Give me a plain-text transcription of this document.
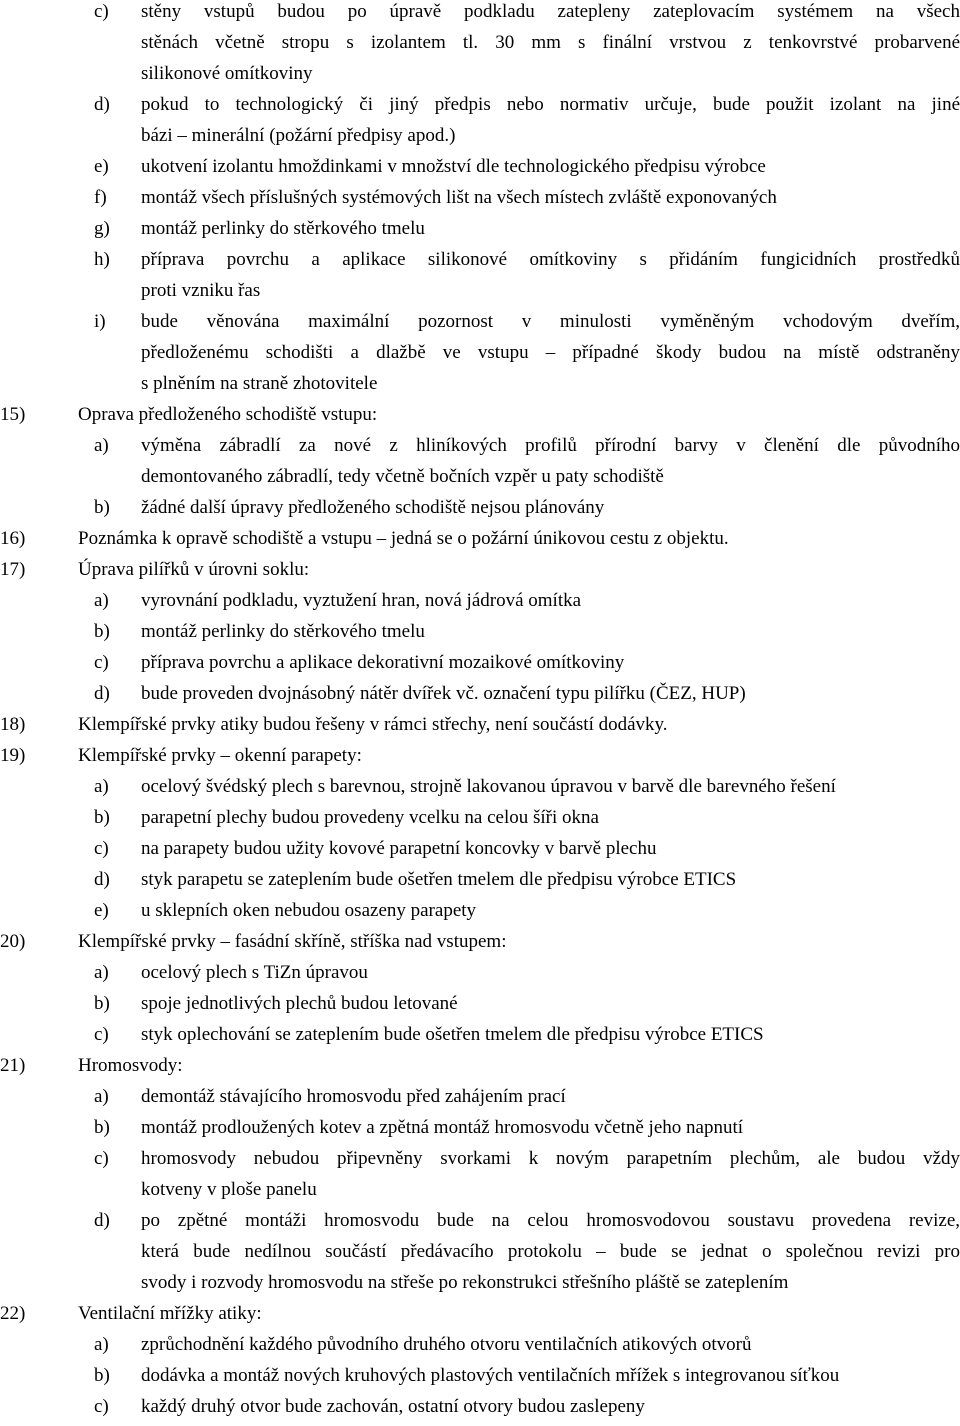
c) stěny vstupů budou po úpravě podkladu zatepleny zateplovacím systémem na všech
stěnách včetně stropu s izolantem tl. 30 mm s finální vrstvou z tenkovrstvé probarvené
silikonové omítkoviny
d) pokud to technologický či jiný předpis nebo normativ určuje, bude použit izolant na jiné
bázi – minerální (požární předpisy apod.)
e) ukotvení izolantu hmoždinkami v množství dle technologického předpisu výrobce
f) montáž všech příslušných systémových lišt na všech místech zvláště exponovaných
g) montáž perlinky do stěrkového tmelu
h) příprava povrchu a aplikace silikonové omítkoviny s přidáním fungicidních prostředků
proti vzniku řas
i) bude věnována maximální pozornost v minulosti vyměněným vchodovým dveřím,
předloženému schodišti a dlažbě ve vstupu – případné škody budou na místě odstraněny
s plněním na straně zhotovitele
15)	Oprava předloženého schodiště vstupu:
a) výměna zábradlí za nové z hliníkových profilů přírodní barvy v členění dle původního
demontovaného zábradlí, tedy včetně bočních vzpěr u paty schodiště
b) žádné další úpravy předloženého schodiště nejsou plánovány
16)	Poznámka k opravě schodiště a vstupu – jedná se o požární únikovou cestu z objektu.
17)	Úprava pilířků v úrovni soklu:
a) vyrovnání podkladu, vyztužení hran, nová jádrová omítka
b) montáž perlinky do stěrkového tmelu
c) příprava povrchu a aplikace dekorativní mozaikové omítkoviny
d) bude proveden dvojnásobný nátěr dvířek vč. označení typu pilířku (ČEZ, HUP)
18)	Klempířské prvky atiky budou řešeny v rámci střechy, není součástí dodávky.
19)	Klempířské prvky – okenní parapety:
a) ocelový švédský plech s barevnou, strojně lakovanou úpravou v barvě dle barevného řešení
b) parapetní plechy budou provedeny vcelku na celou šíři okna
c) na parapety budou užity kovové parapetní koncovky v barvě plechu
d) styk parapetu se zateplením bude ošetřen tmelem dle předpisu výrobce ETICS
e) u sklepních oken nebudou osazeny parapety
20)	Klempířské prvky – fasádní skříně, stříška nad vstupem:
a) ocelový plech s TiZn úpravou
b) spoje jednotlivých plechů budou letované
c) styk oplechování se zateplením bude ošetřen tmelem dle předpisu výrobce ETICS
21)	Hromosvody:
a) demontáž stávajícího hromosvodu před zahájením prací
b) montáž prodloužených kotev a zpětná montáž hromosvodu včetně jeho napnutí
c) hromosvody nebudou připevněny svorkami k novým parapetním plechům, ale budou vždy
kotveny v ploše panelu
d) po zpětné montáži hromosvodu bude na celou hromosvodovou soustavu provedena revize,
která bude nedílnou součástí předávacího protokolu – bude se jednat o společnou revizi pro
svody i rozvody hromosvodu na střeše po rekonstrukci střešního pláště se zateplením
22)	Ventilační mřížky atiky:
a) zprůchodnění každého původního druhého otvoru ventilačních atikových otvorů
b) dodávka a montáž nových kruhových plastových ventilačních mřížek s integrovanou síťkou
c) každý druhý otvor bude zachován, ostatní otvory budou zaslepeny
